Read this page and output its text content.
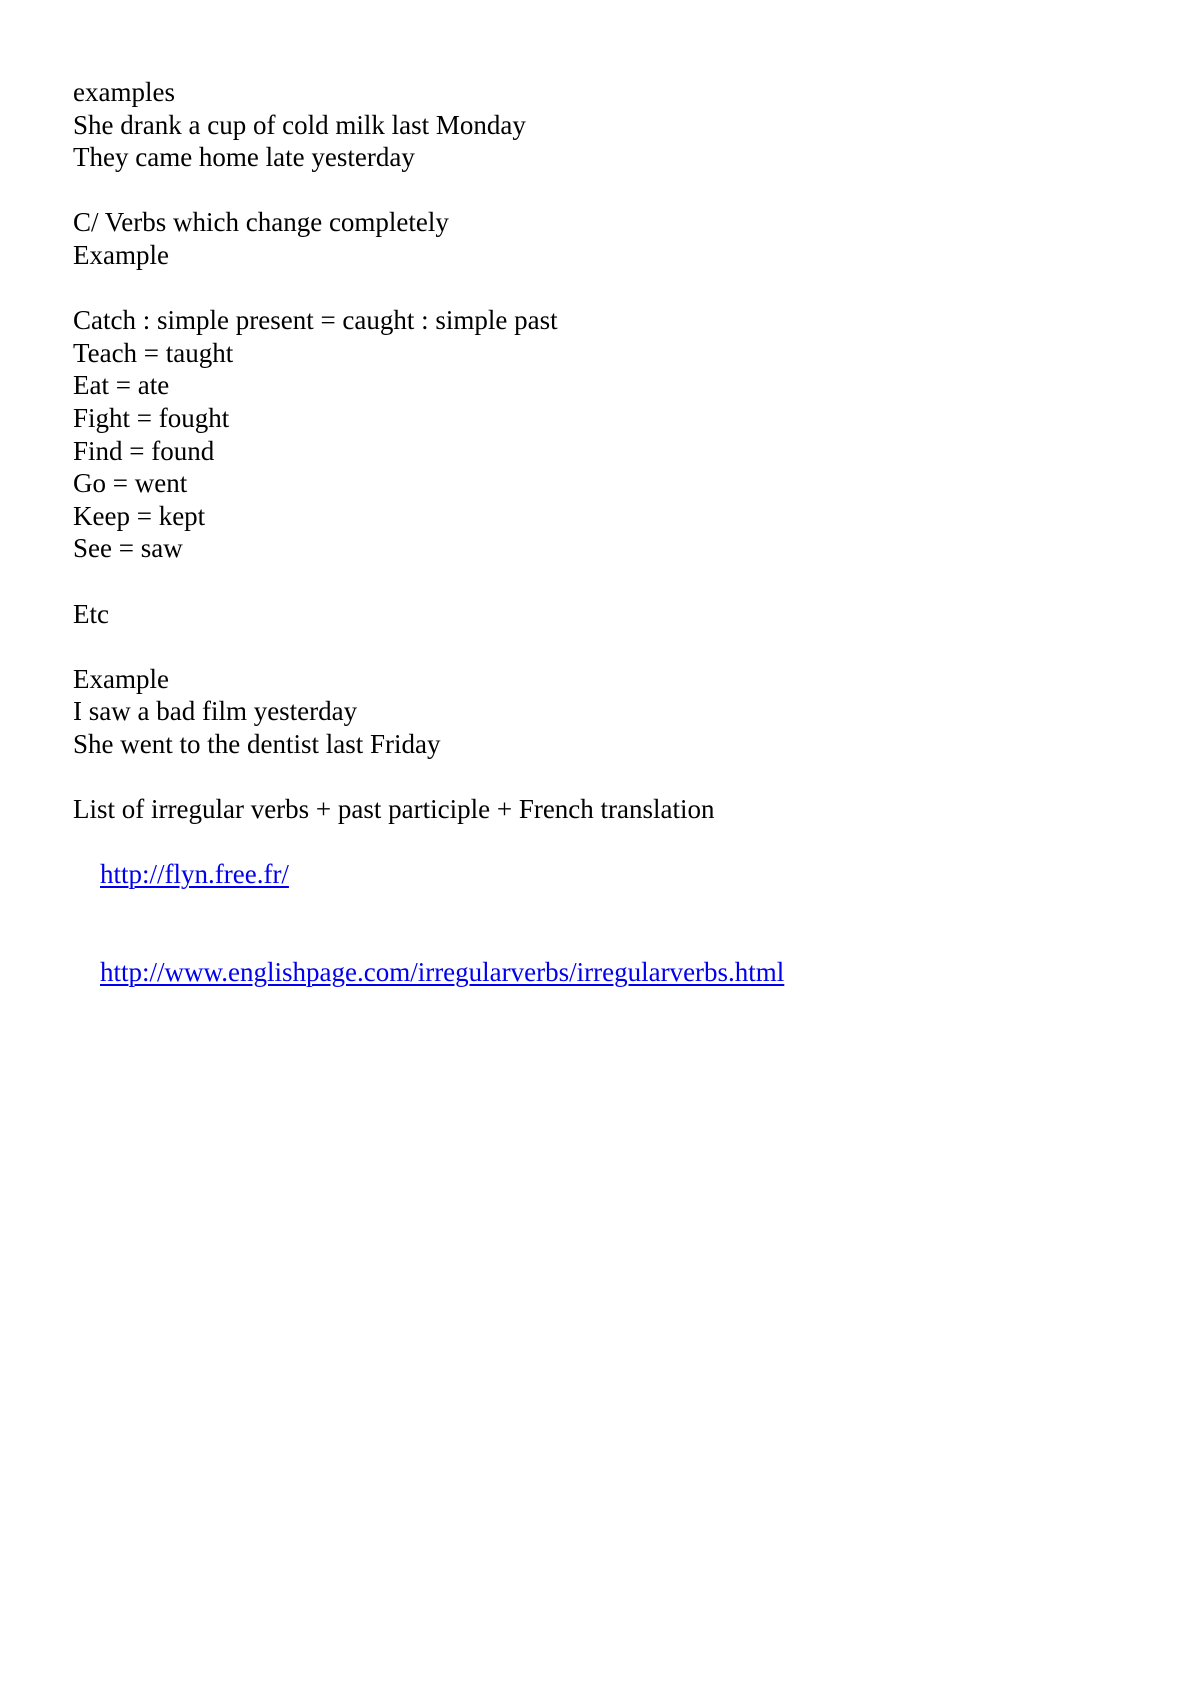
examples
She drank a cup of cold milk last Monday
They came home late yesterday
C/ Verbs which change completely
Example
Catch : simple present = caught : simple past
Teach = taught
Eat = ate
Fight = fought
Find = found
Go = went
Keep = kept
See = saw
Etc
Example
I saw a bad film yesterday
She went to the dentist last Friday
List of irregular verbs + past participle + French translation

http://flyn.free.fr/

http://www.englishpage.com/irregularverbs/irregularverbs.html
